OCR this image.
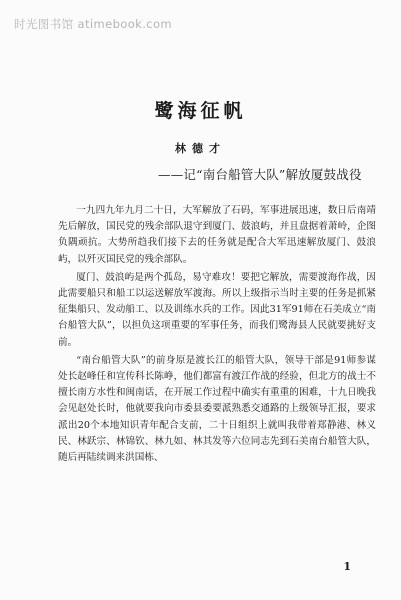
时光图书馆 atimebook.com
鹭海征帆
林德才
——记“南台船管大队”解放厦鼓战役

一九四九年九月二十日，大军解放了石码，军事进展迅速，数日后南靖先后解放，国民党的残余部队退守到厦门、鼓浪屿，并且盘据着萧岭，企图负隅顽抗。大势所趋我们接下去的任务就是配合大军迅速解放厦门、鼓浪屿，以歼灭国民党的残余部队。

厦门、鼓浪屿是两个孤岛，易守难攻！要把它解放，需要渡海作战，因此需要船只和船工以运送解放军渡海。所以上级指示当时主要的任务是抓紧征集船只、发动船工、以及训练水兵的工作。因此31军91师在石美成立“南台船管大队”，以担负这项重要的军事任务，而我们鹭海县人民就要挑好支前。

“南台船管大队”的前身原是渡长江的船管大队，领导干部是91师参谋处长赵峰任和宣传科长陈峥，他们都富有渡江作战的经验，但北方的战士不擅长南方水性和闽南话，在开展工作过程中确实有重重的困难，十九日晚我会见赵处长时，他就要我向市委县委要派熟悉交通路的上级领导汇报，要求派出20个本地知识青年配合支前，二十日组织上就叫我带着郑静港、林义民、林跃宗、林锦钦、林九如、林其发等六位同志先到石美南台船管大队，随后再陆续调来洪国栋、

1
